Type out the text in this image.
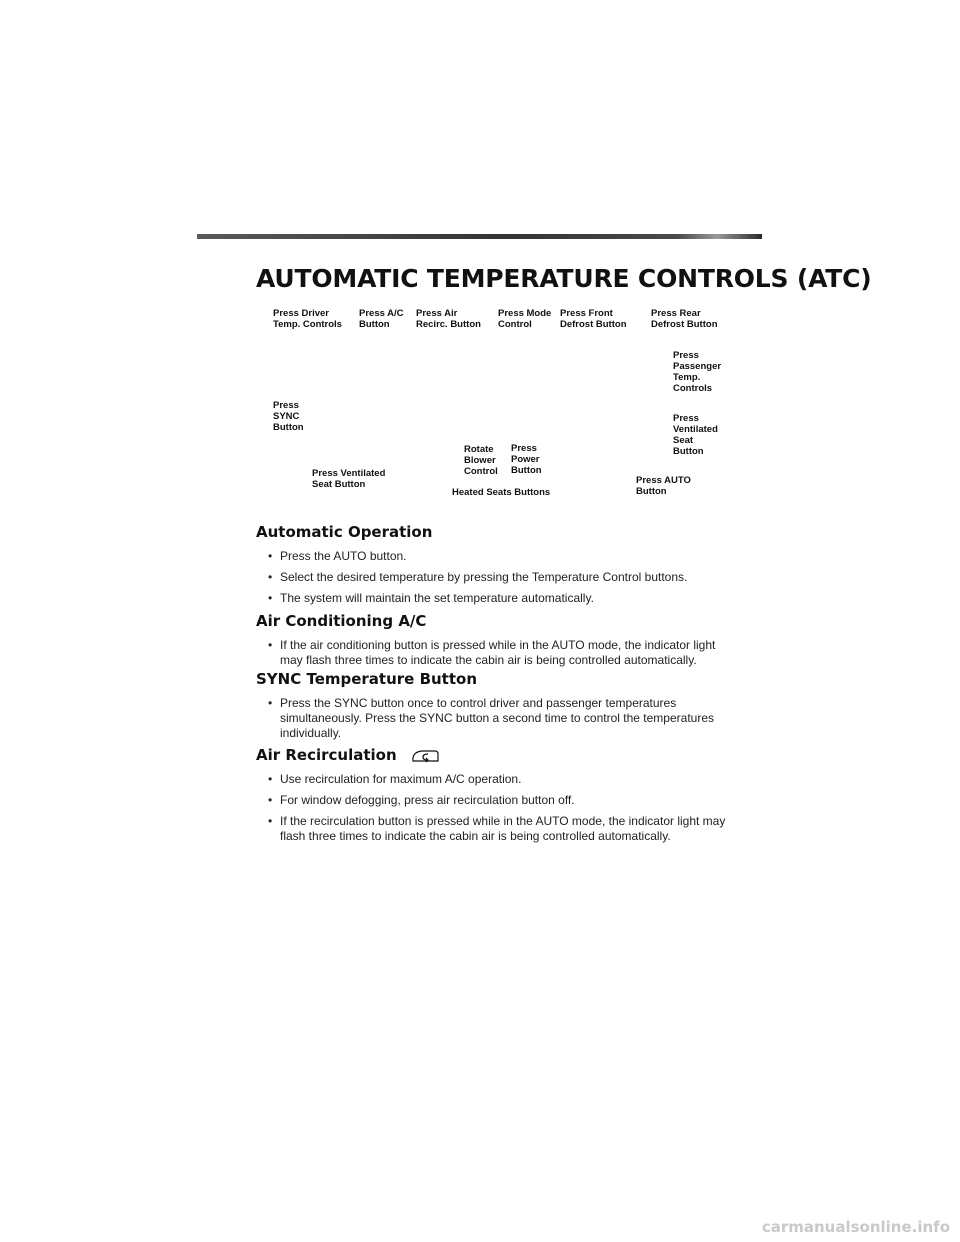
AUTOMATIC TEMPERATURE CONTROLS (ATC)

Press Driver
Temp. Controls

Press A/C
Button

Press Air
Recirc. Button

Press Mode
Control

Press Front
Defrost Button

Press Rear
Defrost Button

Press
Passenger
Temp.
Controls

Press
SYNC
Button

Press
Ventilated
Seat
Button

Rotate
Blower
Control

Press
Power
Button

Press Ventilated
Seat Button	Press AUTO
Button

Heated Seats Buttons

Automatic Operation
• Press the AUTO button.
• Select the desired temperature by pressing the Temperature Control buttons.
• The system will maintain the set temperature automatically.
Air Conditioning A/C
• If the air conditioning button is pressed while in the AUTO mode, the indicator light may flash three times to indicate the cabin air is being controlled automatically.
SYNC Temperature Button
• Press the SYNC button once to control driver and passenger temperatures simultaneously. Press the SYNC button a second time to control the temperatures individually.
Air Recirculation
• Use recirculation for maximum A/C operation.
• For window defogging, press air recirculation button off.
• If the recirculation button is pressed while in the AUTO mode, the indicator light may flash three times to indicate the cabin air is being controlled automatically.

carmanualsonline.info
